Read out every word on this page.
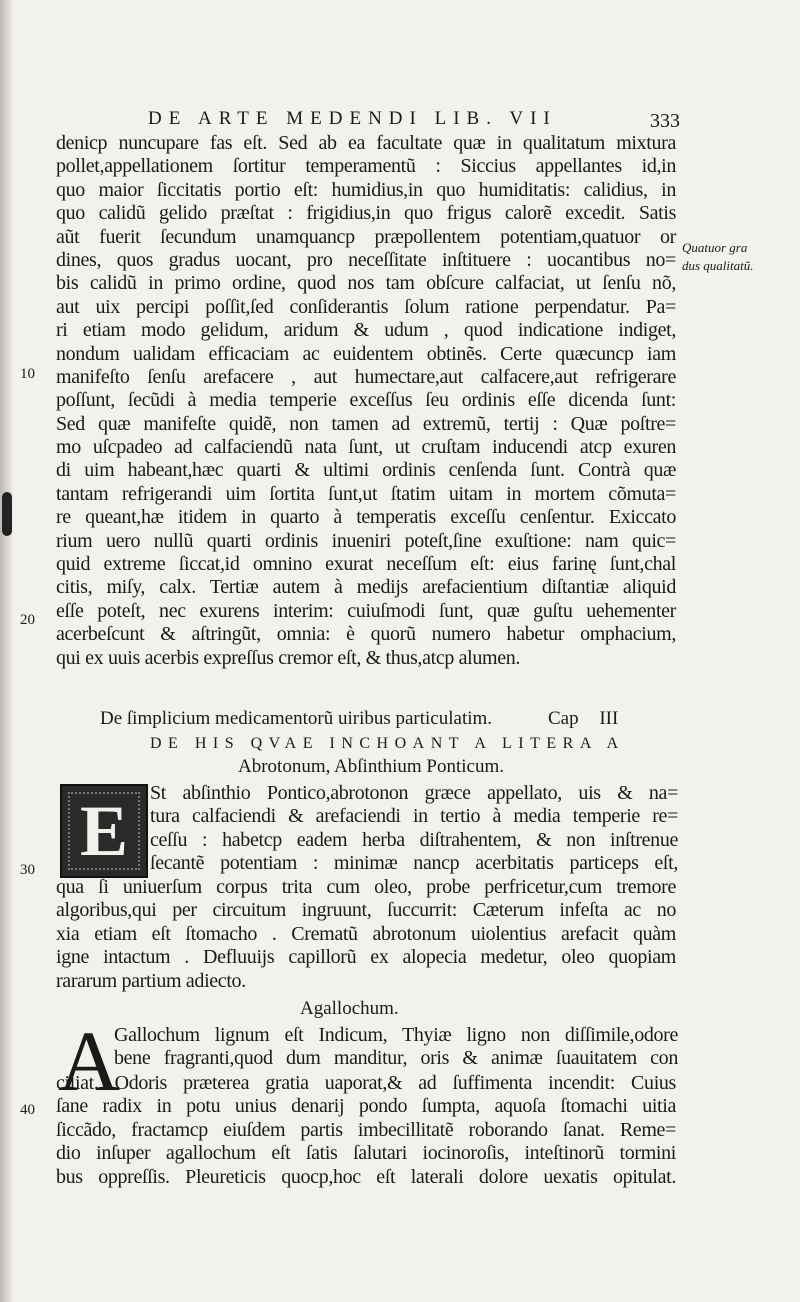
DE ARTE MEDENDI LIB. VII	333
denicp nuncupare fas eſt. Sed ab ea facultate quæ in qualitatum mixtura
pollet,appellationem ſortitur temperamentũ : Siccius appellantes id,in
quo maior ſiccitatis portio eſt: humidius,in quo humiditatis: calidius, in
quo calidũ gelido præſtat : frigidius,in quo frigus calorẽ excedit. Satis
aũt fuerit ſecundum unamquancp præpollentem potentiam,quatuor or
dines, quos gradus uocant, pro neceſſitate inſtituere : uocantibus no=
bis calidũ in primo ordine, quod nos tam obſcure calfaciat, ut ſenſu nõ,
aut uix percipi poſſit,ſed conſiderantis ſolum ratione perpendatur. Pa=
ri etiam modo gelidum, aridum & udum , quod indicatione indiget,
nondum ualidam efficaciam ac euidentem obtinẽs. Certe quæcuncp iam
manifeſto ſenſu arefacere , aut humectare,aut calfacere,aut refrigerare
poſſunt, ſecũdi à media temperie exceſſus ſeu ordinis eſſe dicenda ſunt:
Sed quæ manifeſte quidẽ, non tamen ad extremũ, tertij : Quæ poſtre=
mo uſcpadeo ad calfaciendũ nata ſunt, ut cruſtam inducendi atcp exuren
di uim habeant,hæc quarti & ultimi ordinis cenſenda ſunt. Contrà quæ
tantam refrigerandi uim ſortita ſunt,ut ſtatim uitam in mortem cõmuta=
re queant,hæ itidem in quarto à temperatis exceſſu cenſentur. Exiccato
rium uero nullũ quarti ordinis inueniri poteſt,ſine exuſtione: nam quic=
quid extreme ſiccat,id omnino exurat neceſſum eſt: eius farinę ſunt,chal
citis, miſy, calx. Tertiæ autem à medijs arefacientium diſtantiæ aliquid
eſſe poteſt, nec exurens interim: cuiuſmodi ſunt, quæ guſtu uehementer
acerbeſcunt & aſtringũt, omnia: è quorũ numero habetur omphacium,
qui ex uuis acerbis expreſſus cremor eſt, & thus,atcp alumen.
10
20
30
40
Quatuor gra
dus qualitatũ.
De ſimplicium medicamentorũ uiribus particulatim.	Cap III
DE HIS QVAE INCHOANT A LITERA A
Abrotonum, Abſinthium Ponticum.
E St abſinthio Pontico,abrotonon græce appellato, uis & na=
tura calfaciendi & arefaciendi in tertio à media temperie re=
ceſſu : habetcp eadem herba diſtrahentem, & non inſtrenue
ſecantẽ potentiam : minimæ nancp acerbitatis particeps eſt,
qua ſi uniuerſum corpus trita cum oleo, probe perfricetur,cum tremore
algoribus,qui per circuitum ingruunt, ſuccurrit: Cæterum infeſta ac no
xia etiam eſt ſtomacho . Crematũ abrotonum uiolentius arefacit quàm
igne intactum . Defluuijs capillorũ ex alopecia medetur, oleo quopiam
rararum partium adiecto.
Agallochum.
A
Gallochum lignum eſt Indicum, Thyiæ ligno non diſſimile,odore
bene fragranti,quod dum manditur, oris & animæ ſuauitatem con
ciliat. Odoris præterea gratia uaporat,& ad ſuffimenta incendit: Cuius
ſane radix in potu unius denarij pondo ſumpta, aquoſa ſtomachi uitia
ſiccãdo, fractamcp eiuſdem partis imbecillitatẽ roborando ſanat. Reme=
dio inſuper agallochum eſt ſatis ſalutari iocinoroſis, inteſtinorũ tormini
bus oppreſſis. Pleureticis quocp,hoc eſt laterali dolore uexatis opitulat.
